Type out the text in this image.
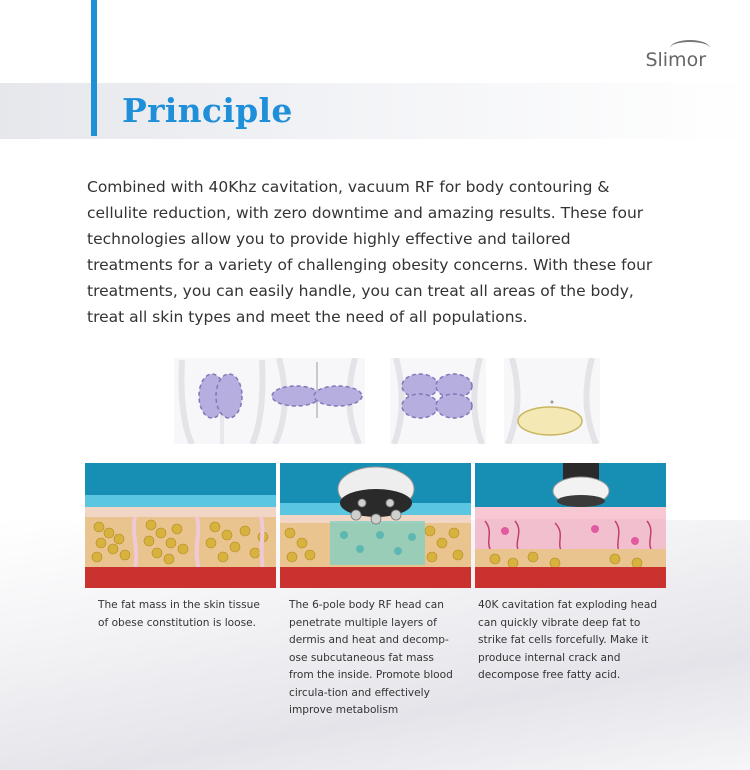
Principle
Slimor
Combined with 40Khz cavitation, vacuum RF for body contouring &
cellulite reduction, with zero downtime and amazing results. These four
technologies allow you to provide highly effective and tailored
treatments for a variety of challenging obesity concerns. With these four
treatments, you can easily handle, you can treat all areas of the body,
treat all skin types and meet the need of all populations.
The fat mass in the skin tissue
of obese constitution is loose.
The 6-pole body RF head can
penetrate multiple layers of
dermis and heat and decomp-
ose subcutaneous fat mass
from the inside. Promote blood
circula-tion and effectively
improve metabolism
40K cavitation fat exploding head
can quickly vibrate deep fat to
strike fat cells forcefully. Make it
produce internal crack and
decompose free fatty acid.
